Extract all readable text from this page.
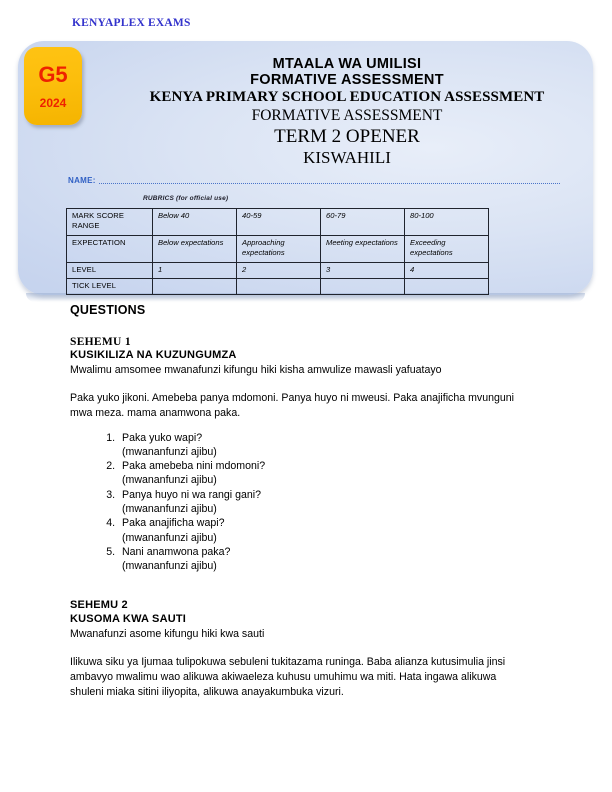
KENYAPLEX EXAMS
G5
2024
MTAALA WA UMILISI
FORMATIVE ASSESSMENT
KENYA PRIMARY SCHOOL EDUCATION ASSESSMENT
FORMATIVE ASSESSMENT
TERM 2 OPENER
KISWAHILI
NAME:
RUBRICS (for official use)
MARK SCORE RANGE	Below 40	40-59	60-79	80-100
EXPECTATION	Below expectations	Approaching expectations	Meeting expectations	Exceeding expectations
LEVEL	1	2	3	4
TICK LEVEL				
QUESTIONS
SEHEMU 1
KUSIKILIZA NA KUZUNGUMZA
Mwalimu amsomee mwanafunzi kifungu hiki kisha amwulize mawasli yafuatayo
Paka yuko jikoni. Amebeba panya mdomoni. Panya huyo ni mweusi. Paka anajificha mvunguni mwa meza. mama anamwona paka.
1. Paka yuko wapi?
(mwananfunzi ajibu)
2. Paka amebeba nini mdomoni?
(mwananfunzi ajibu)
3. Panya huyo ni wa rangi gani?
(mwananfunzi ajibu)
4. Paka anajificha wapi?
(mwananfunzi ajibu)
5. Nani anamwona paka?
(mwananfunzi ajibu)
SEHEMU 2
KUSOMA KWA SAUTI
Mwanafunzi asome kifungu hiki kwa sauti
Ilikuwa siku ya Ijumaa tulipokuwa sebuleni tukitazama runinga. Baba alianza kutusimulia jinsi ambavyo mwalimu wao alikuwa akiwaeleza kuhusu umuhimu wa miti. Hata ingawa alikuwa shuleni miaka sitini iliyopita, alikuwa anayakumbuka vizuri.
